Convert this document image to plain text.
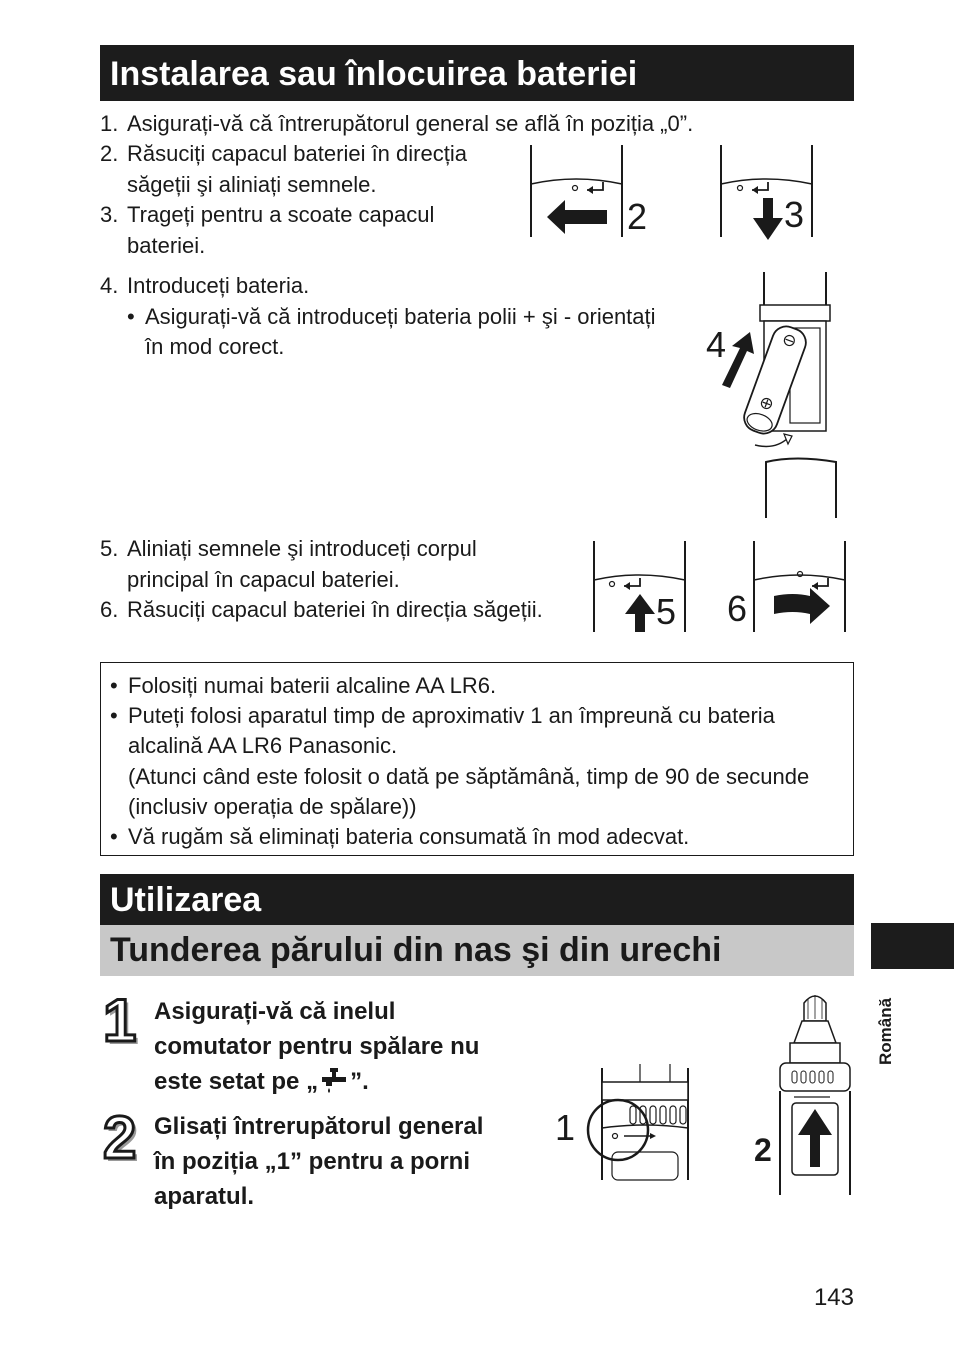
Instalarea sau înlocuirea bateriei
1. Asigurați-vă că întrerupătorul general se află în poziția „0”.
2. Răsuciți capacul bateriei în direcția
săgeții şi aliniați semnele.
3. Trageți pentru a scoate capacul
bateriei.
2	3
4. Introduceți bateria.
• Asigurați-vă că introduceți bateria polii + şi - orientați
în mod corect.	4
5. Aliniați semnele şi introduceți corpul
principal în capacul bateriei.
6. Răsuciți capacul bateriei în direcția săgeții.	5 6
• Folosiți numai baterii alcaline AA LR6.
• Puteți folosi aparatul timp de aproximativ 1 an împreună cu bateria
alcalină AA LR6 Panasonic.
(Atunci când este folosit o dată pe săptămână, timp de 90 de secunde
(inclusiv operația de spălare))
• Vă rugăm să eliminați bateria consumată în mod adecvat.
Utilizarea
Tunderea părului din nas şi din urechi
Română
1 Asigurați-vă că inelul
comutator pentru spălare nu
este setat pe „ ”.
2 Glisați întrerupătorul general
în poziția „1” pentru a porni
aparatul.
1
2
143
